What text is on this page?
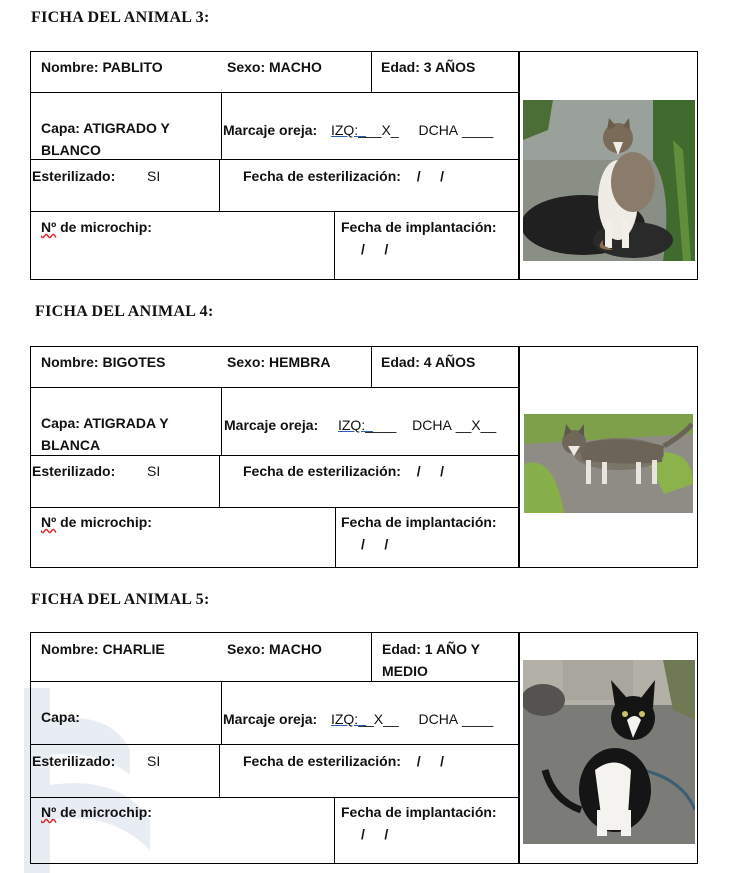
FICHA DEL ANIMAL 3:
Nombre: PABLITO	Sexo: MACHO	Edad: 3 AÑOS
Capa: ATIGRADO Y BLANCO
Marcaje oreja: IZQ:___X_ DCHA ____
Esterilizado: SI	Fecha de esterilización: /     /
Nº de microchip:	Fecha de implantación:
/     /
FICHA DEL ANIMAL 4:
Nombre: BIGOTES	Sexo: HEMBRA	Edad: 4 AÑOS
Capa: ATIGRADA Y BLANCA
Marcaje oreja: IZQ:____ DCHA __X__
Esterilizado: SI	Fecha de esterilización: /     /
Nº de microchip:	Fecha de implantación:
/     /
FICHA DEL ANIMAL 5:
Nombre: CHARLIE	Sexo: MACHO	Edad: 1 AÑO Y MEDIO
Capa:	Marcaje oreja: IZQ:__X__ DCHA ____
Esterilizado: SI	Fecha de esterilización: /     /
Nº de microchip:	Fecha de implantación:
/     /
